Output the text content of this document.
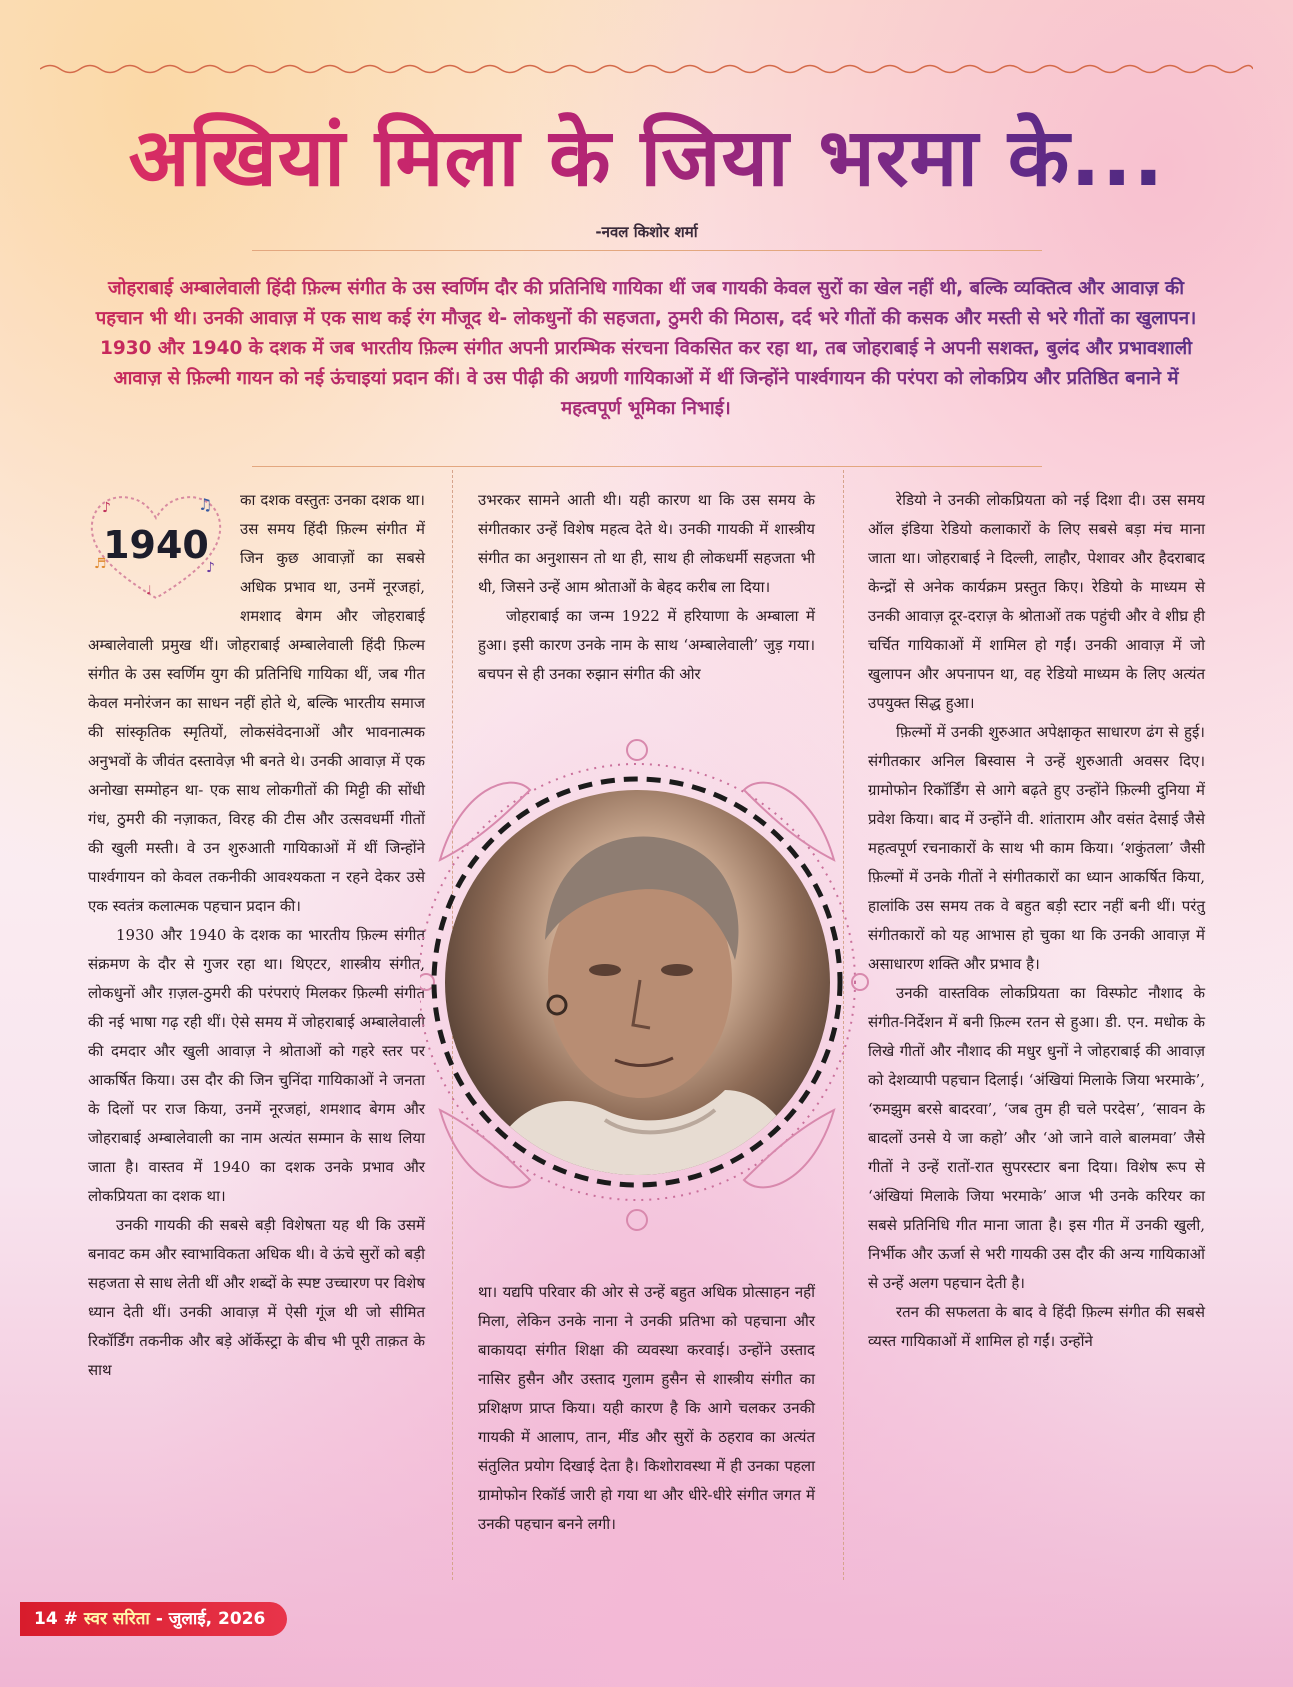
अखियां मिला के जिया भरमा के...
-नवल किशोर शर्मा
जोहराबाई अम्बालेवाली हिंदी फ़िल्म संगीत के उस स्वर्णिम दौर की प्रतिनिधि गायिका थीं जब गायकी केवल सुरों का खेल नहीं थी, बल्कि व्यक्तित्व और आवाज़ की पहचान भी थी। उनकी आवाज़ में एक साथ कई रंग मौजूद थे- लोकधुनों की सहजता, ठुमरी की मिठास, दर्द भरे गीतों की कसक और मस्ती से भरे गीतों का खुलापन। 1930 और 1940 के दशक में जब भारतीय फ़िल्म संगीत अपनी प्रारम्भिक संरचना विकसित कर रहा था, तब जोहराबाई ने अपनी सशक्त, बुलंद और प्रभावशाली आवाज़ से फ़िल्मी गायन को नई ऊंचाइयां प्रदान कीं। वे उस पीढ़ी की अग्रणी गायिकाओं में थीं जिन्होंने पार्श्वगायन की परंपरा को लोकप्रिय और प्रतिष्ठित बनाने में महत्वपूर्ण भूमिका निभाई।
♪	♫
♬	♪
♩
1940

का दशक वस्तुतः उनका दशक था। उस समय हिंदी फ़िल्म संगीत में जिन कुछ आवाज़ों का सबसे अधिक प्रभाव था, उनमें नूरजहां, शमशाद बेगम और जोहराबाई अम्बालेवाली प्रमुख थीं। जोहराबाई अम्बालेवाली हिंदी फ़िल्म संगीत के उस स्वर्णिम युग की प्रतिनिधि गायिका थीं, जब गीत केवल मनोरंजन का साधन नहीं होते थे, बल्कि भारतीय समाज की सांस्कृतिक स्मृतियों, लोकसंवेदनाओं और भावनात्मक अनुभवों के जीवंत दस्तावेज़ भी बनते थे। उनकी आवाज़ में एक अनोखा सम्मोहन था- एक साथ लोकगीतों की मिट्टी की सोंधी गंध, ठुमरी की नज़ाकत, विरह की टीस और उत्सवधर्मी गीतों की खुली मस्ती। वे उन शुरुआती गायिकाओं में थीं जिन्होंने पार्श्वगायन को केवल तकनीकी आवश्यकता न रहने देकर उसे एक स्वतंत्र कलात्मक पहचान प्रदान की।

1930 और 1940 के दशक का भारतीय फ़िल्म संगीत संक्रमण के दौर से गुजर रहा था। थिएटर, शास्त्रीय संगीत, लोकधुनों और ग़ज़ल-ठुमरी की परंपराएं मिलकर फ़िल्मी संगीत की नई भाषा गढ़ रही थीं। ऐसे समय में जोहराबाई अम्बालेवाली की दमदार और खुली आवाज़ ने श्रोताओं को गहरे स्तर पर आकर्षित किया। उस दौर की जिन चुनिंदा गायिकाओं ने जनता के दिलों पर राज किया, उनमें नूरजहां, शमशाद बेगम और जोहराबाई अम्बालेवाली का नाम अत्यंत सम्मान के साथ लिया जाता है। वास्तव में 1940 का दशक उनके प्रभाव और लोकप्रियता का दशक था।

उनकी गायकी की सबसे बड़ी विशेषता यह थी कि उसमें बनावट कम और स्वाभाविकता अधिक थी। वे ऊंचे सुरों को बड़ी सहजता से साध लेती थीं और शब्दों के स्पष्ट उच्चारण पर विशेष ध्यान देती थीं। उनकी आवाज़ में ऐसी गूंज थी जो सीमित रिकॉर्डिंग तकनीक और बड़े ऑर्केस्ट्रा के बीच भी पूरी ताक़त के साथ

उभरकर सामने आती थी। यही कारण था कि उस समय के संगीतकार उन्हें विशेष महत्व देते थे। उनकी गायकी में शास्त्रीय संगीत का अनुशासन तो था ही, साथ ही लोकधर्मी सहजता भी थी, जिसने उन्हें आम श्रोताओं के बेहद करीब ला दिया।

जोहराबाई का जन्म 1922 में हरियाणा के अम्बाला में हुआ। इसी कारण उनके नाम के साथ ‘अम्बालेवाली’ जुड़ गया। बचपन से ही उनका रुझान संगीत की ओर

था। यद्यपि परिवार की ओर से उन्हें बहुत अधिक प्रोत्साहन नहीं मिला, लेकिन उनके नाना ने उनकी प्रतिभा को पहचाना और बाकायदा संगीत शिक्षा की व्यवस्था करवाई। उन्होंने उस्ताद नासिर हुसैन और उस्ताद गुलाम हुसैन से शास्त्रीय संगीत का प्रशिक्षण प्राप्त किया। यही कारण है कि आगे चलकर उनकी गायकी में आलाप, तान, मींड और सुरों के ठहराव का अत्यंत संतुलित प्रयोग दिखाई देता है। किशोरावस्था में ही उनका पहला ग्रामोफोन रिकॉर्ड जारी हो गया था और धीरे-धीरे संगीत जगत में उनकी पहचान बनने लगी।

रेडियो ने उनकी लोकप्रियता को नई दिशा दी। उस समय ऑल इंडिया रेडियो कलाकारों के लिए सबसे बड़ा मंच माना जाता था। जोहराबाई ने दिल्ली, लाहौर, पेशावर और हैदराबाद केन्द्रों से अनेक कार्यक्रम प्रस्तुत किए। रेडियो के माध्यम से उनकी आवाज़ दूर-दराज़ के श्रोताओं तक पहुंची और वे शीघ्र ही चर्चित गायिकाओं में शामिल हो गईं। उनकी आवाज़ में जो खुलापन और अपनापन था, वह रेडियो माध्यम के लिए अत्यंत उपयुक्त सिद्ध हुआ।

फ़िल्मों में उनकी शुरुआत अपेक्षाकृत साधारण ढंग से हुई। संगीतकार अनिल बिस्वास ने उन्हें शुरुआती अवसर दिए। ग्रामोफोन रिकॉर्डिंग से आगे बढ़ते हुए उन्होंने फ़िल्मी दुनिया में प्रवेश किया। बाद में उन्होंने वी. शांताराम और वसंत देसाई जैसे महत्वपूर्ण रचनाकारों के साथ भी काम किया। ‘शकुंतला’ जैसी फ़िल्मों में उनके गीतों ने संगीतकारों का ध्यान आकर्षित किया, हालांकि उस समय तक वे बहुत बड़ी स्टार नहीं बनी थीं। परंतु संगीतकारों को यह आभास हो चुका था कि उनकी आवाज़ में असाधारण शक्ति और प्रभाव है।

उनकी वास्तविक लोकप्रियता का विस्फोट नौशाद के संगीत-निर्देशन में बनी फ़िल्म रतन से हुआ। डी. एन. मधोक के लिखे गीतों और नौशाद की मधुर धुनों ने जोहराबाई की आवाज़ को देशव्यापी पहचान दिलाई। ‘अंखियां मिलाके जिया भरमाके’, ‘रुमझुम बरसे बादरवा’, ‘जब तुम ही चले परदेस’, ‘सावन के बादलों उनसे ये जा कहो’ और ‘ओ जाने वाले बालमवा’ जैसे गीतों ने उन्हें रातों-रात सुपरस्टार बना दिया। विशेष रूप से ‘अंखियां मिलाके जिया भरमाके’ आज भी उनके करियर का सबसे प्रतिनिधि गीत माना जाता है। इस गीत में उनकी खुली, निर्भीक और ऊर्जा से भरी गायकी उस दौर की अन्य गायिकाओं से उन्हें अलग पहचान देती है।

रतन की सफलता के बाद वे हिंदी फ़िल्म संगीत की सबसे व्यस्त गायिकाओं में शामिल हो गईं। उन्होंने

14 # स्वर सरिता - जुलाई, 2026
